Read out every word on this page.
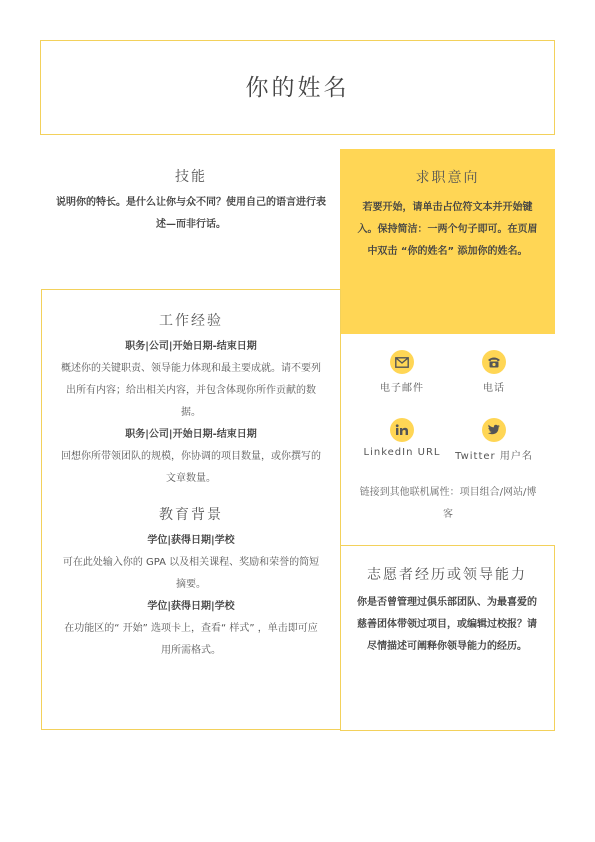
你的姓名
技能
说明你的特长。是什么让你与众不同？使用自己的语言进行表述—而非行话。
求职意向
若要开始，请单击占位符文本并开始键入。保持简洁：一两个句子即可。在页眉中双击 “你的姓名” 添加你的姓名。
工作经验
职务|公司|开始日期-结束日期
概述你的关键职责、领导能力体现和最主要成就。请不要列出所有内容；给出相关内容，并包含体现你所作贡献的数据。
职务|公司|开始日期-结束日期
回想你所带领团队的规模，你协调的项目数量，或你撰写的文章数量。
教育背景
学位|获得日期|学校
可在此处输入你的 GPA 以及相关课程、奖励和荣誉的简短摘要。
学位|获得日期|学校
在功能区的“ 开始” 选项卡上，查看“ 样式” ，单击即可应用所需格式。
电子邮件	电话
LinkedIn URL	Twitter 用户名
链接到其他联机属性：项目组合/网站/博客
志愿者经历或领导能力
你是否曾管理过俱乐部团队、为最喜爱的慈善团体带领过项目，或编辑过校报？请尽情描述可阐释你领导能力的经历。
